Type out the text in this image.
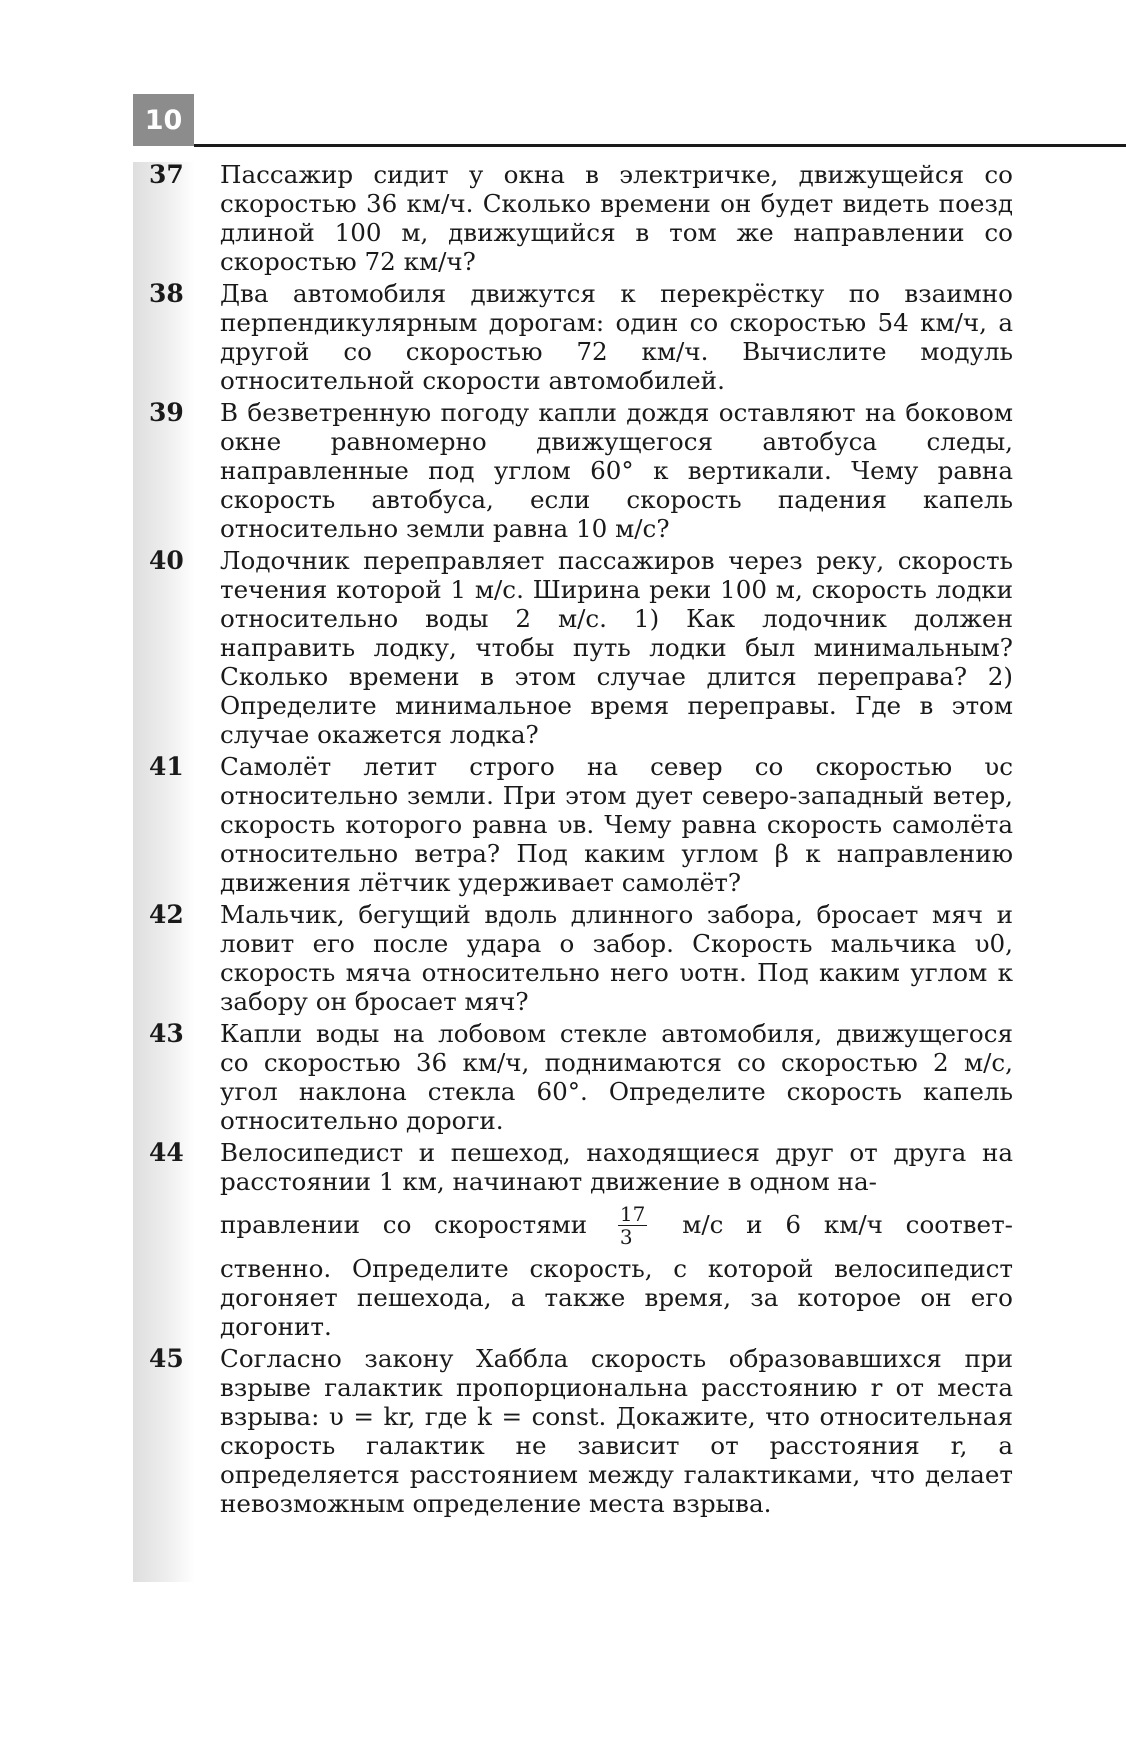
10
37 Пассажир сидит у окна в электричке, движущейся со скоростью 36 км/ч. Сколько времени он будет видеть поезд длиной 100 м, движущийся в том же направлении со скоростью 72 км/ч?
38 Два автомобиля движутся к перекрёстку по взаимно перпендикулярным дорогам: один со скоростью 54 км/ч, а другой со скоростью 72 км/ч. Вычислите модуль относительной скорости автомобилей.
39 В безветренную погоду капли дождя оставляют на боковом окне равномерно движущегося автобуса следы, направленные под углом 60° к вертикали. Чему равна скорость автобуса, если скорость падения капель относительно земли равна 10 м/с?
40 Лодочник переправляет пассажиров через реку, скорость течения которой 1 м/с. Ширина реки 100 м, скорость лодки относительно воды 2 м/с. 1) Как лодочник должен направить лодку, чтобы путь лодки был минимальным? Сколько времени в этом случае длится переправа? 2) Определите минимальное время переправы. Где в этом случае окажется лодка?
41 Самолёт летит строго на север со скоростью υс относительно земли. При этом дует северо-западный ветер, скорость которого равна υв. Чему равна скорость самолёта относительно ветра? Под каким углом β к направлению движения лётчик удерживает самолёт?
42 Мальчик, бегущий вдоль длинного забора, бросает мяч и ловит его после удара о забор. Скорость мальчика υ0, скорость мяча относительно него υотн. Под каким углом к забору он бросает мяч?
43 Капли воды на лобовом стекле автомобиля, движущегося со скоростью 36 км/ч, поднимаются со скоростью 2 м/с, угол наклона стекла 60°. Определите скорость капель относительно дороги.
44 Велосипедист и пешеход, находящиеся друг от друга на расстоянии 1 км, начинают движение в одном на-
правлении со скоростями $\frac{17}{3} м/с$ и 6 км/ч соответ-
ственно. Определите скорость, с которой велосипедист догоняет пешехода, а также время, за которое он его догонит.
45 Согласно закону Хаббла скорость образовавшихся при взрыве галактик пропорциональна расстоянию r от места взрыва: υ = kr, где k = const. Докажите, что относительная скорость галактик не зависит от расстояния r, а определяется расстоянием между галактиками, что делает невозможным определение места взрыва.
